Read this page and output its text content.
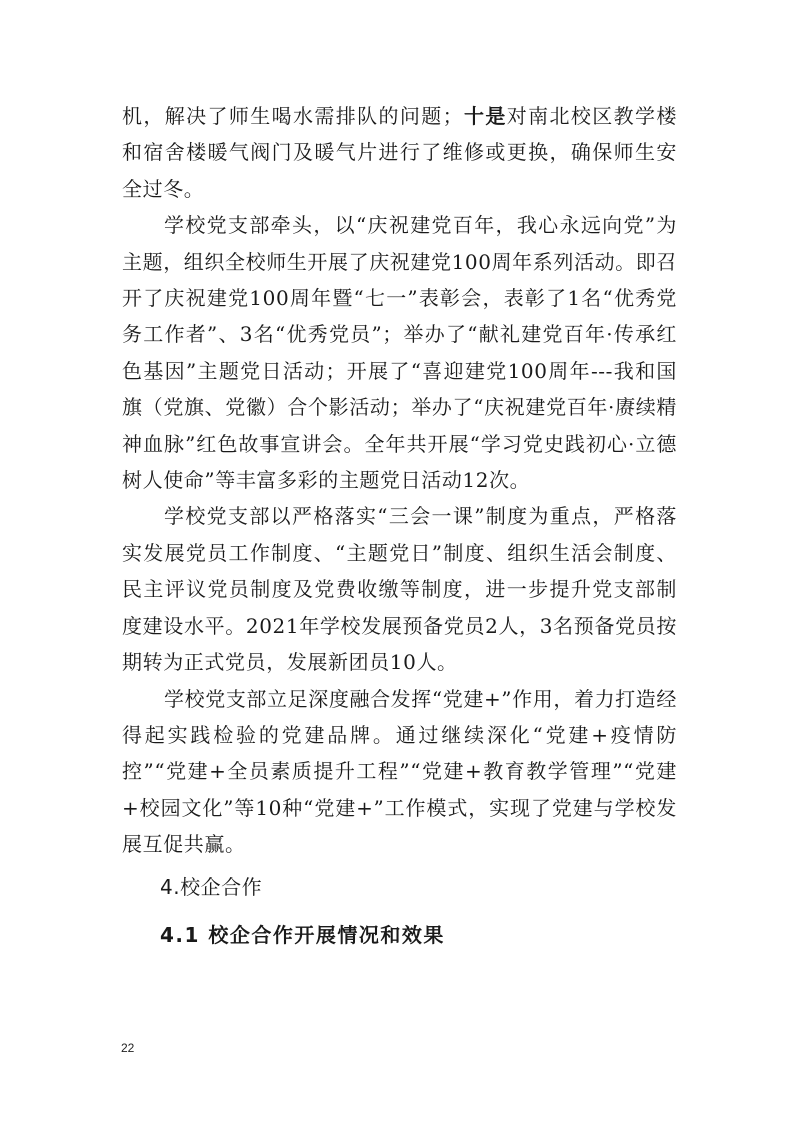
机，解决了师生喝水需排队的问题；十是对南北校区教学楼和宿舍楼暖气阀门及暖气片进行了维修或更换，确保师生安全过冬。

学校党支部牵头，以“庆祝建党百年，我心永远向党”为主题，组织全校师生开展了庆祝建党100周年系列活动。即召开了庆祝建党100周年暨“七一”表彰会，表彰了1名“优秀党务工作者”、3名“优秀党员”；举办了“献礼建党百年·传承红色基因”主题党日活动；开展了“喜迎建党100周年---我和国旗（党旗、党徽）合个影活动；举办了“庆祝建党百年·赓续精神血脉”红色故事宣讲会。全年共开展“学习党史践初心·立德树人使命”等丰富多彩的主题党日活动12次。

学校党支部以严格落实“三会一课”制度为重点，严格落实发展党员工作制度、“主题党日”制度、组织生活会制度、民主评议党员制度及党费收缴等制度，进一步提升党支部制度建设水平。2021年学校发展预备党员2人，3名预备党员按期转为正式党员，发展新团员10人。

学校党支部立足深度融合发挥“党建+”作用，着力打造经得起实践检验的党建品牌。通过继续深化“党建+疫情防控”“党建+全员素质提升工程”“党建+教育教学管理”“党建+校园文化”等10种“党建+”工作模式，实现了党建与学校发展互促共赢。

4.校企合作
4.1 校企合作开展情况和效果
22
